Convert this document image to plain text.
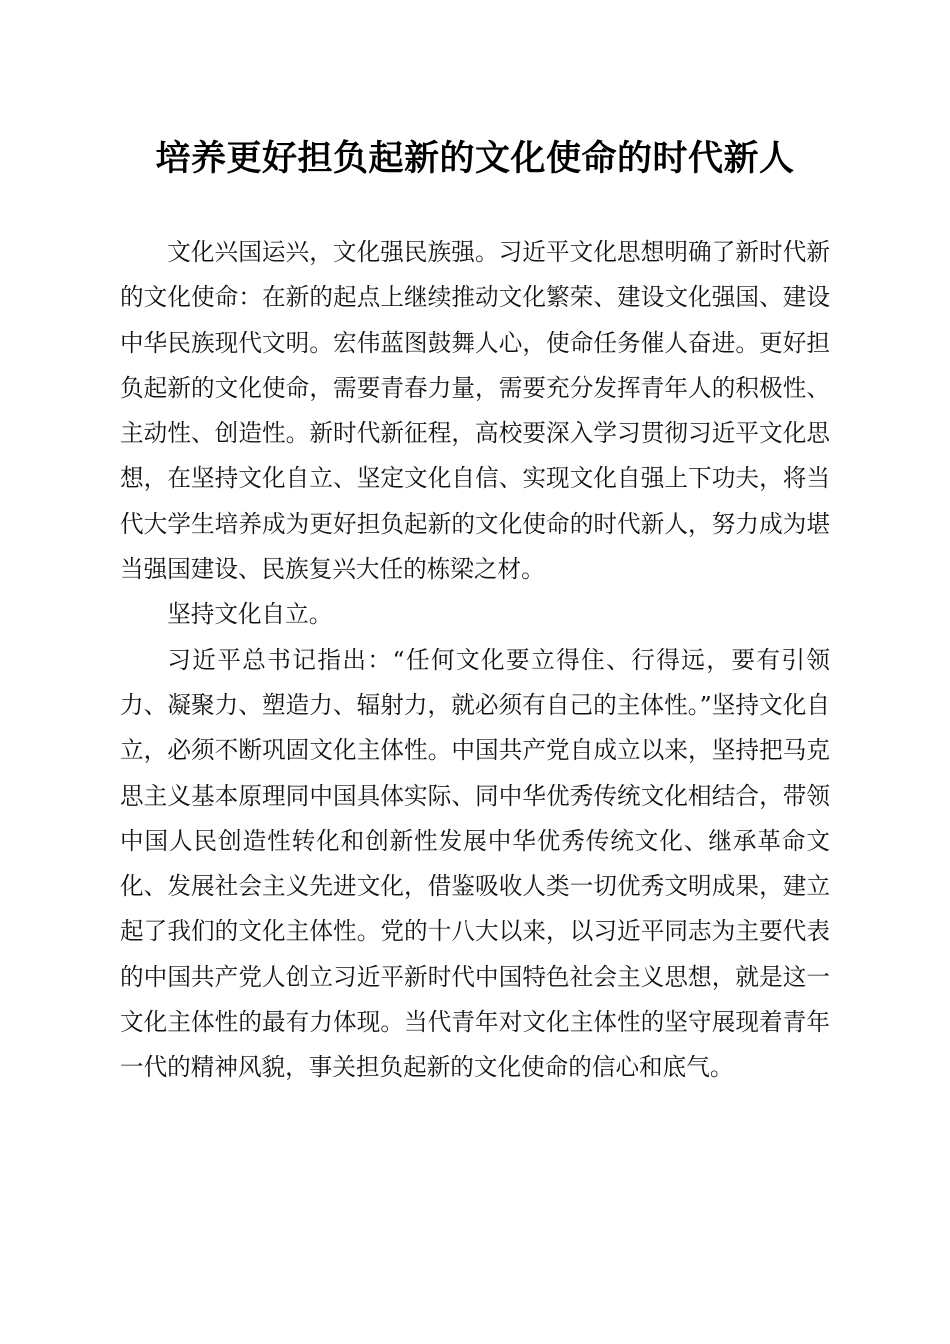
培养更好担负起新的文化使命的时代新人

文化兴国运兴，文化强民族强。习近平文化思想明确了新时代新的文化使命：在新的起点上继续推动文化繁荣、建设文化强国、建设中华民族现代文明。宏伟蓝图鼓舞人心，使命任务催人奋进。更好担负起新的文化使命，需要青春力量，需要充分发挥青年人的积极性、主动性、创造性。新时代新征程，高校要深入学习贯彻习近平文化思想，在坚持文化自立、坚定文化自信、实现文化自强上下功夫，将当代大学生培养成为更好担负起新的文化使命的时代新人，努力成为堪当强国建设、民族复兴大任的栋梁之材。

坚持文化自立。

习近平总书记指出：“任何文化要立得住、行得远，要有引领力、凝聚力、塑造力、辐射力，就必须有自己的主体性。”坚持文化自立，必须不断巩固文化主体性。中国共产党自成立以来，坚持把马克思主义基本原理同中国具体实际、同中华优秀传统文化相结合，带领中国人民创造性转化和创新性发展中华优秀传统文化、继承革命文化、发展社会主义先进文化，借鉴吸收人类一切优秀文明成果，建立起了我们的文化主体性。党的十八大以来，以习近平同志为主要代表的中国共产党人创立习近平新时代中国特色社会主义思想，就是这一文化主体性的最有力体现。当代青年对文化主体性的坚守展现着青年一代的精神风貌，事关担负起新的文化使命的信心和底气。
